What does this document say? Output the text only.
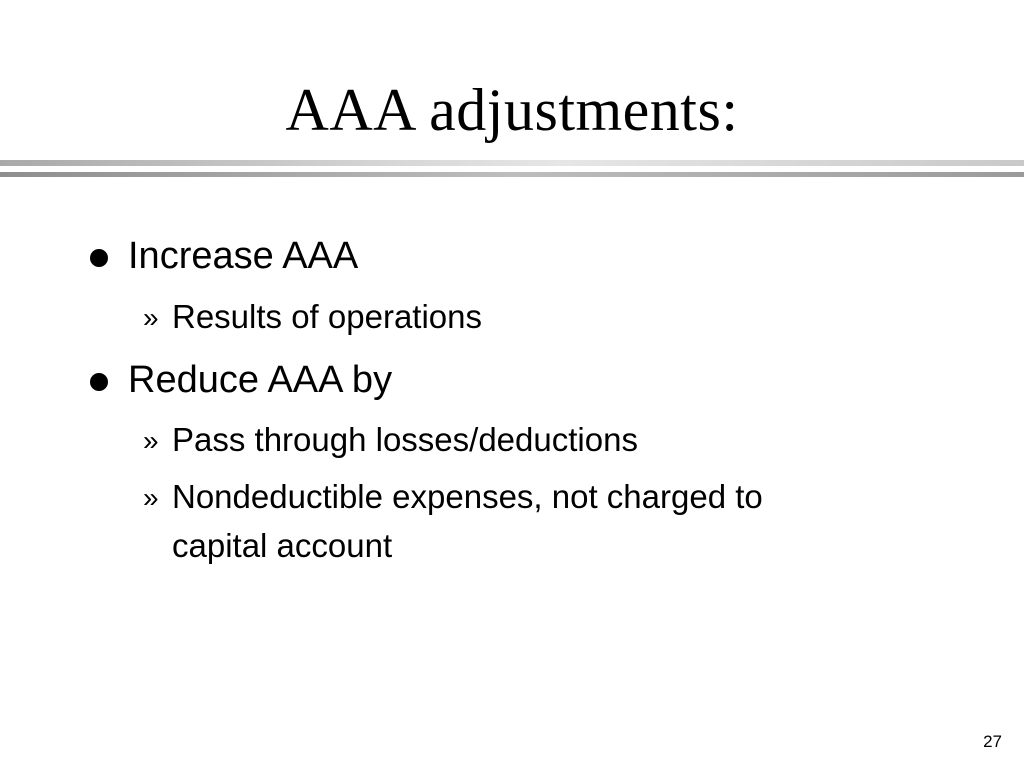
AAA adjustments:
Increase AAA
» Results of operations
Reduce AAA by
» Pass through losses/deductions
» Nondeductible expenses, not charged to
capital account
27
